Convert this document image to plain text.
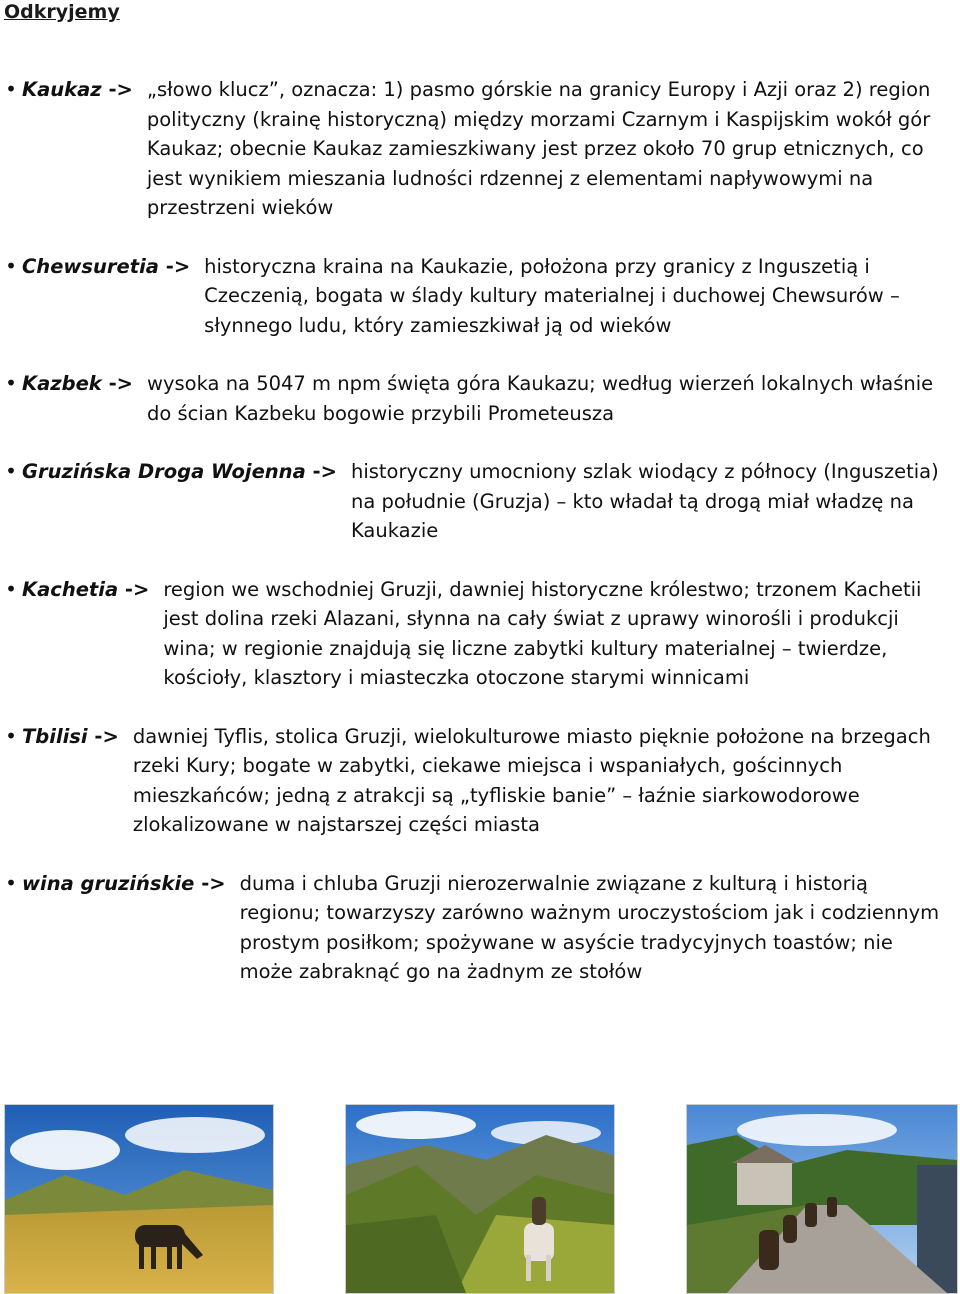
Odkryjemy
• Kaukaz -> „słowo klucz”, oznacza: 1) pasmo górskie na granicy Europy i Azji oraz 2) region polityczny (krainę historyczną) między morzami Czarnym i Kaspijskim wokół gór Kaukaz; obecnie Kaukaz zamieszkiwany jest przez około 70 grup etnicznych, co jest wynikiem mieszania ludności rdzennej z elementami napływowymi na przestrzeni wieków
• Chewsuretia -> historyczna kraina na Kaukazie, położona przy granicy z Inguszetią i Czeczenią, bogata w ślady kultury materialnej i duchowej Chewsurów – słynnego ludu, który zamieszkiwał ją od wieków
• Kazbek -> wysoka na 5047 m npm święta góra Kaukazu; według wierzeń lokalnych właśnie do ścian Kazbeku bogowie przybili Prometeusza
• Gruzińska Droga Wojenna -> historyczny umocniony szlak wiodący z północy (Inguszetia) na południe (Gruzja) – kto władał tą drogą miał władzę na Kaukazie
• Kachetia -> region we wschodniej Gruzji, dawniej historyczne królestwo; trzonem Kachetii jest dolina rzeki Alazani, słynna na cały świat z uprawy winorośli i produkcji wina; w regionie znajdują się liczne zabytki kultury materialnej – twierdze, kościoły, klasztory i miasteczka otoczone starymi winnicami
• Tbilisi -> dawniej Tyflis, stolica Gruzji, wielokulturowe miasto pięknie położone na brzegach rzeki Kury; bogate w zabytki, ciekawe miejsca i wspaniałych, gościnnych mieszkańców; jedną z atrakcji są „tyfliskie banie” – łaźnie siarkowodorowe zlokalizowane w najstarszej części miasta
• wina gruzińskie -> duma i chluba Gruzji nierozerwalnie związane z kulturą i historią regionu; towarzyszy zarówno ważnym uroczystościom jak i codziennym prostym posiłkom; spożywane w asyście tradycyjnych toastów; nie może zabraknąć go na żadnym ze stołów
